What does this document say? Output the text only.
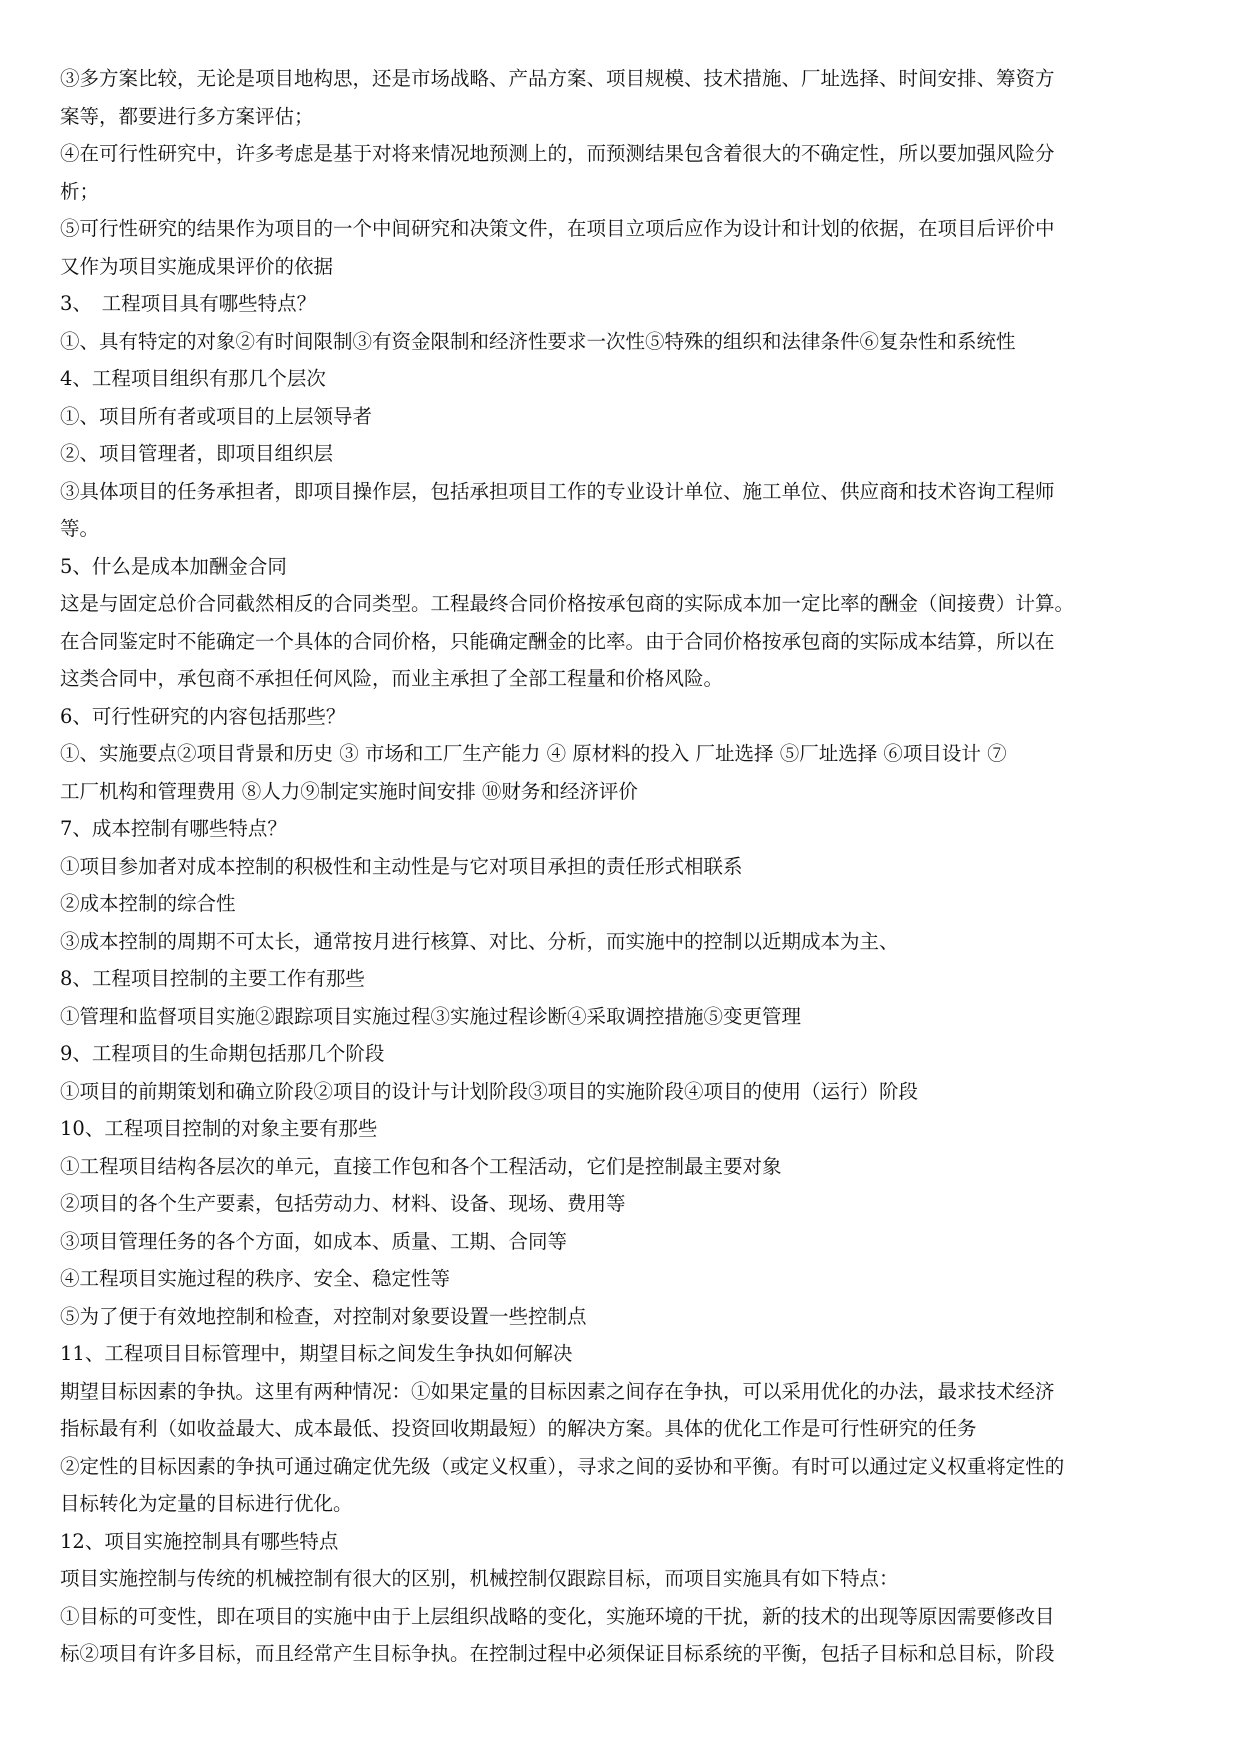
③多方案比较，无论是项目地构思，还是市场战略、产品方案、项目规模、技术措施、厂址选择、时间安排、筹资方
案等，都要进行多方案评估；
④在可行性研究中，许多考虑是基于对将来情况地预测上的，而预测结果包含着很大的不确定性，所以要加强风险分
析；
⑤可行性研究的结果作为项目的一个中间研究和决策文件，在项目立项后应作为设计和计划的依据，在项目后评价中
又作为项目实施成果评价的依据
3、　工程项目具有哪些特点？
①、具有特定的对象②有时间限制③有资金限制和经济性要求一次性⑤特殊的组织和法律条件⑥复杂性和系统性
4、工程项目组织有那几个层次
①、项目所有者或项目的上层领导者
②、项目管理者，即项目组织层
③具体项目的任务承担者，即项目操作层，包括承担项目工作的专业设计单位、施工单位、供应商和技术咨询工程师
等。
5、什么是成本加酬金合同
这是与固定总价合同截然相反的合同类型。工程最终合同价格按承包商的实际成本加一定比率的酬金（间接费）计算。
在合同鉴定时不能确定一个具体的合同价格，只能确定酬金的比率。由于合同价格按承包商的实际成本结算，所以在
这类合同中，承包商不承担任何风险，而业主承担了全部工程量和价格风险。
6、可行性研究的内容包括那些？
①、实施要点②项目背景和历史 ③ 市场和工厂生产能力 ④ 原材料的投入 厂址选择 ⑤厂址选择 ⑥项目设计 ⑦
工厂机构和管理费用 ⑧人力⑨制定实施时间安排 ⑩财务和经济评价
7、成本控制有哪些特点？
①项目参加者对成本控制的积极性和主动性是与它对项目承担的责任形式相联系
②成本控制的综合性
③成本控制的周期不可太长，通常按月进行核算、对比、分析，而实施中的控制以近期成本为主、
8、工程项目控制的主要工作有那些
①管理和监督项目实施②跟踪项目实施过程③实施过程诊断④采取调控措施⑤变更管理
9、工程项目的生命期包括那几个阶段
①项目的前期策划和确立阶段②项目的设计与计划阶段③项目的实施阶段④项目的使用（运行）阶段
10、工程项目控制的对象主要有那些
①工程项目结构各层次的单元，直接工作包和各个工程活动，它们是控制最主要对象
②项目的各个生产要素，包括劳动力、材料、设备、现场、费用等
③项目管理任务的各个方面，如成本、质量、工期、合同等
④工程项目实施过程的秩序、安全、稳定性等
⑤为了便于有效地控制和检查，对控制对象要设置一些控制点
11、工程项目目标管理中，期望目标之间发生争执如何解决
期望目标因素的争执。这里有两种情况：①如果定量的目标因素之间存在争执，可以采用优化的办法，最求技术经济
指标最有利（如收益最大、成本最低、投资回收期最短）的解决方案。具体的优化工作是可行性研究的任务
②定性的目标因素的争执可通过确定优先级（或定义权重），寻求之间的妥协和平衡。有时可以通过定义权重将定性的
目标转化为定量的目标进行优化。
12、项目实施控制具有哪些特点
项目实施控制与传统的机械控制有很大的区别，机械控制仅跟踪目标，而项目实施具有如下特点：
①目标的可变性，即在项目的实施中由于上层组织战略的变化，实施环境的干扰，新的技术的出现等原因需要修改目
标②项目有许多目标，而且经常产生目标争执。在控制过程中必须保证目标系统的平衡，包括子目标和总目标，阶段
